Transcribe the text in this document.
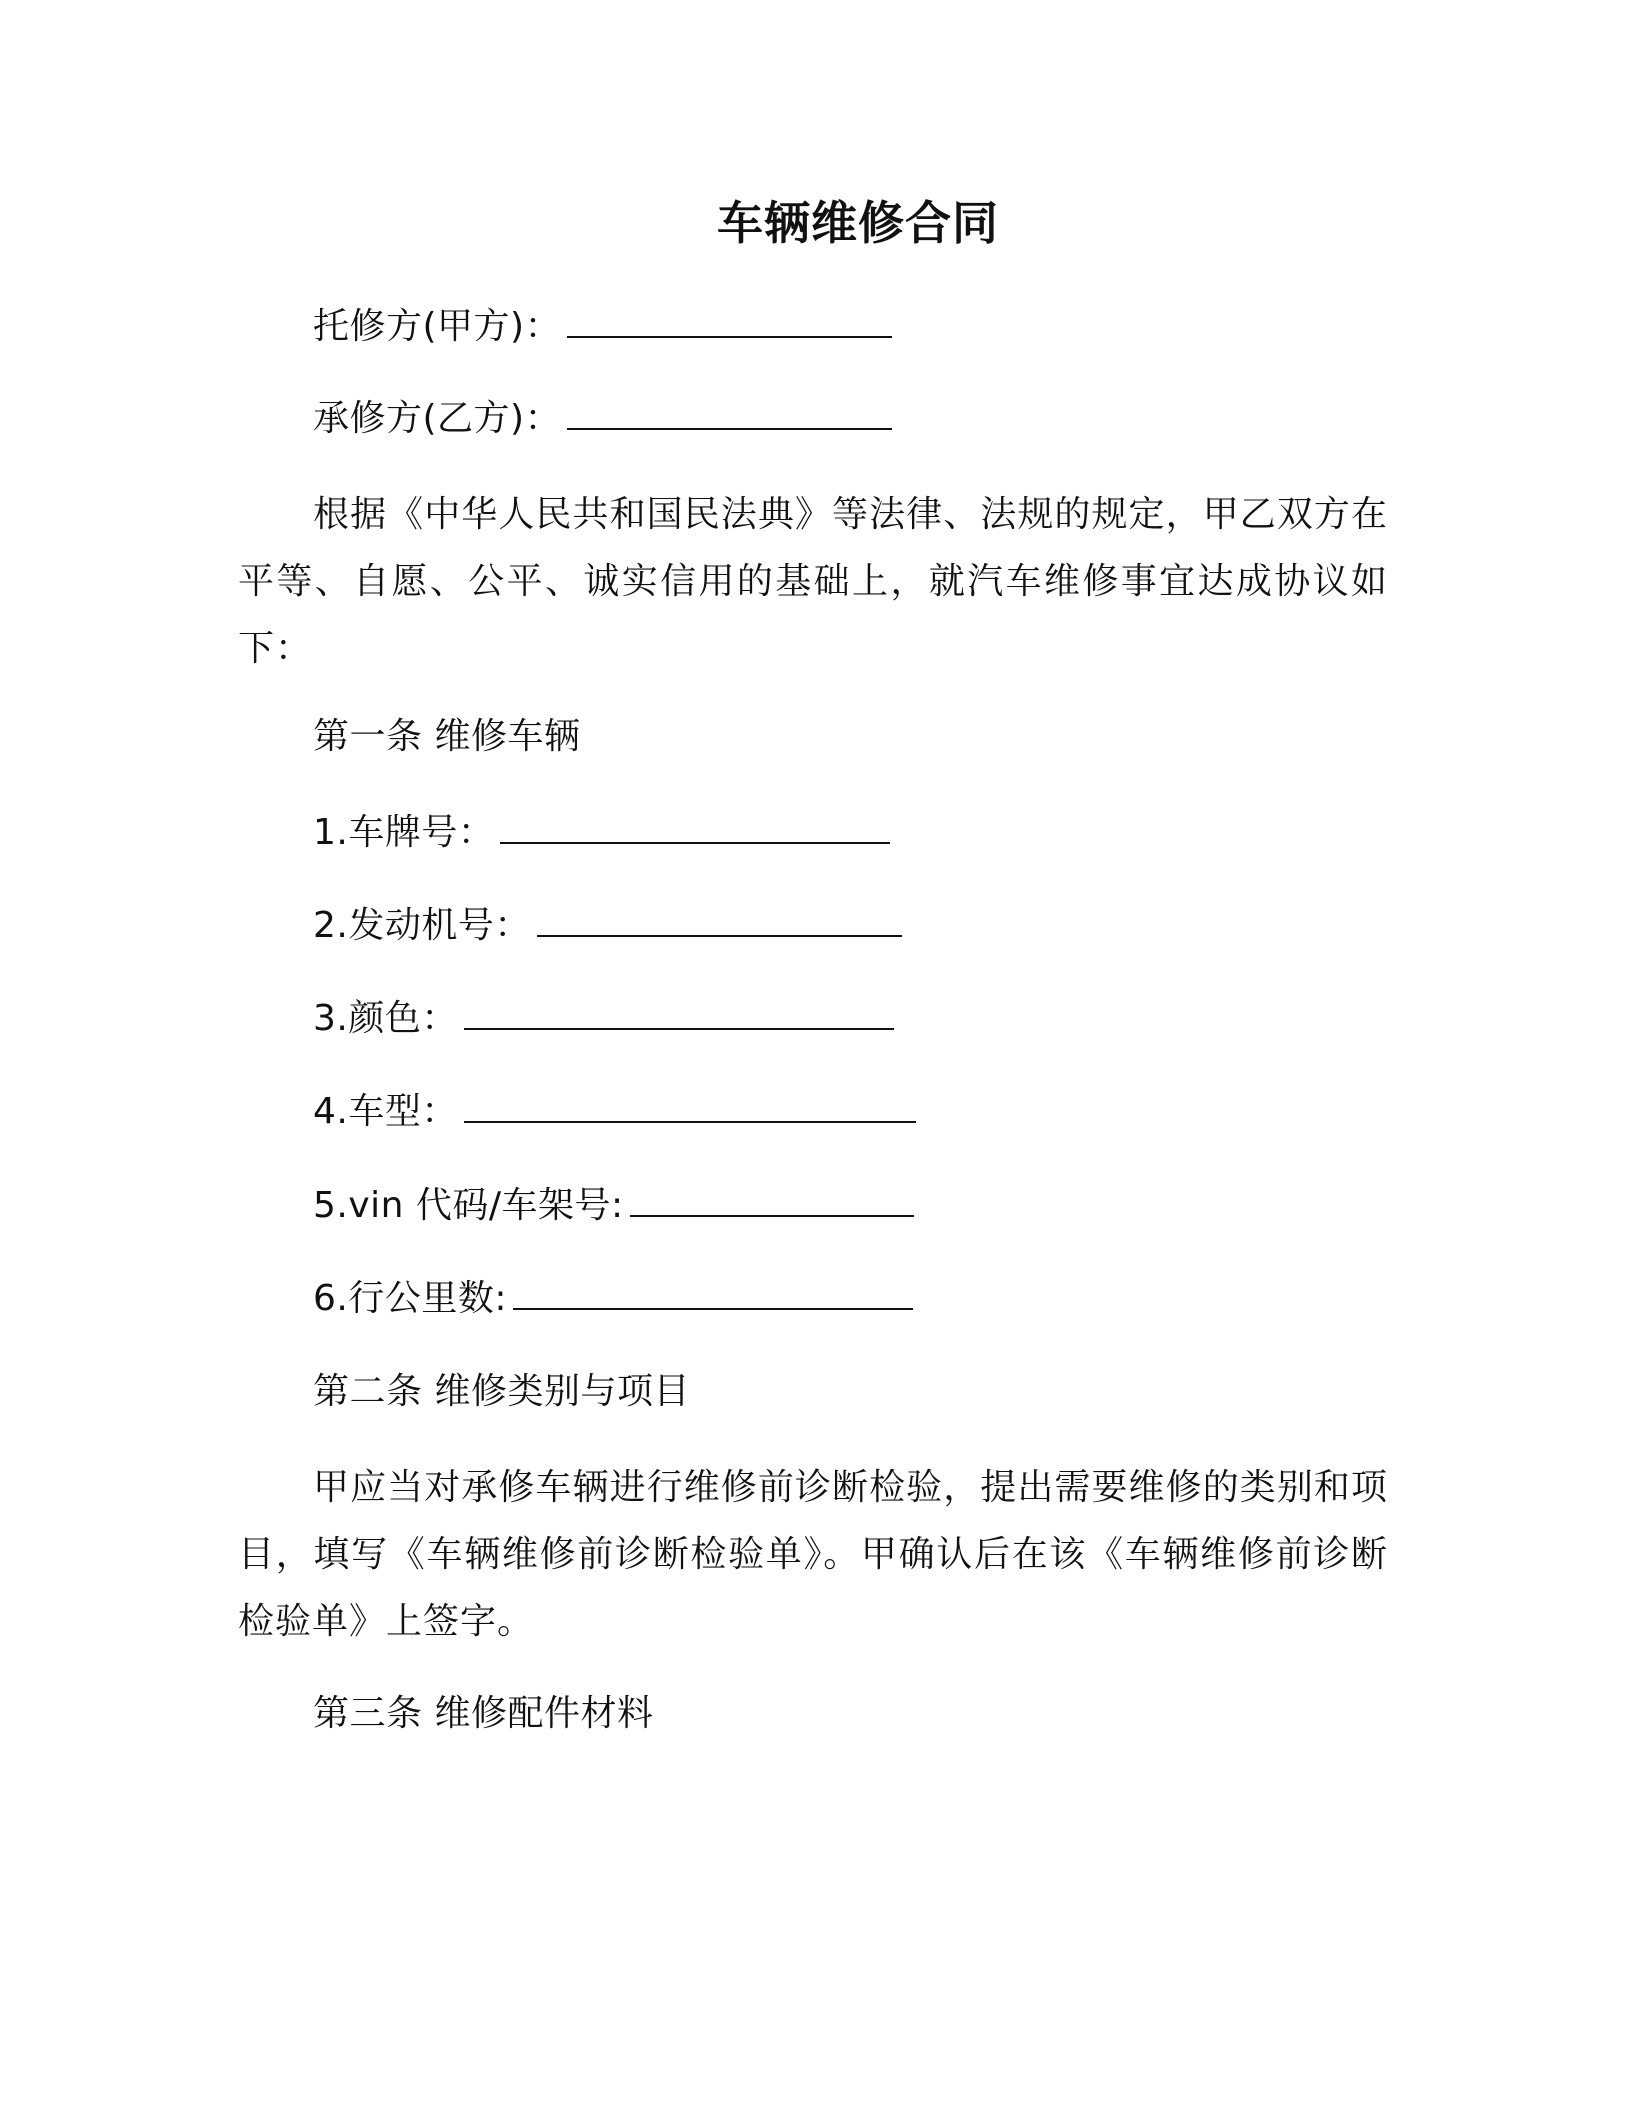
车辆维修合同
托修方(甲方)：
承修方(乙方)：
根据《中华人民共和国民法典》等法律、法规的规定，甲乙双方在平等、自愿、公平、诚实信用的基础上，就汽车维修事宜达成协议如下：
第一条 维修车辆
1.车牌号：
2.发动机号：
3.颜色：
4.车型：
5.vin 代码/车架号:
6.行公里数:
第二条 维修类别与项目
甲应当对承修车辆进行维修前诊断检验，提出需要维修的类别和项目，填写《车辆维修前诊断检验单》。甲确认后在该《车辆维修前诊断检验单》上签字。
第三条 维修配件材料
